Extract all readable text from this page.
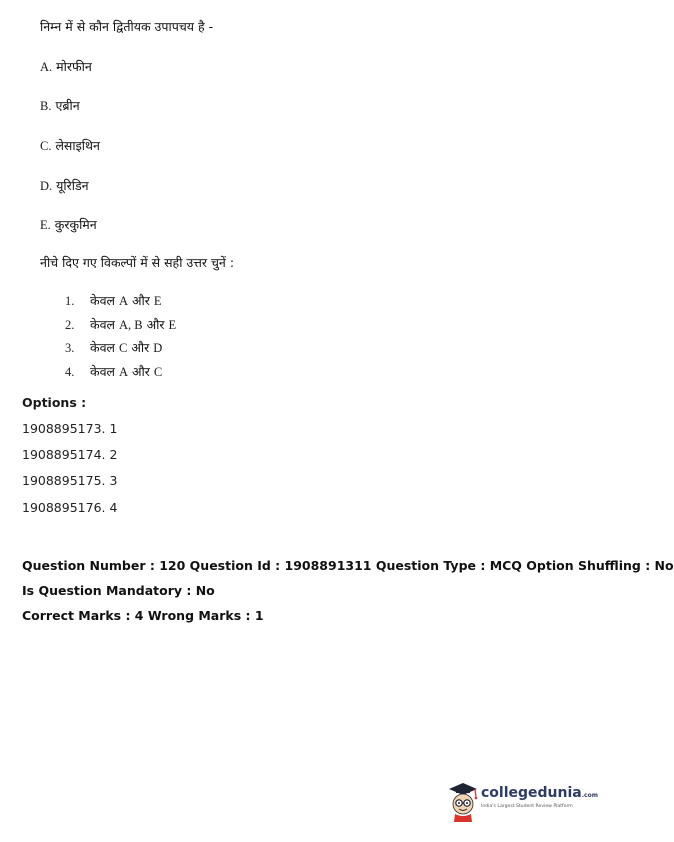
निम्न में से कौन द्वितीयक उपापचय है -
A. मोरफीन
B. एब्रीन
C. लेसाइथिन
D. यूरिडिन
E. कुरकुमिन
नीचे दिए गए विकल्पों में से सही उत्तर चुनें :
1. केवल A और E
2. केवल A, B और E
3. केवल C और D
4. केवल A और C
Options :
1908895173. 1
1908895174. 2
1908895175. 3
1908895176. 4
Question Number : 120 Question Id : 1908891311 Question Type : MCQ Option Shuffling : No
Is Question Mandatory : No
Correct Marks : 4 Wrong Marks : 1
collegedunia.com
India's Largest Student Review Platform
